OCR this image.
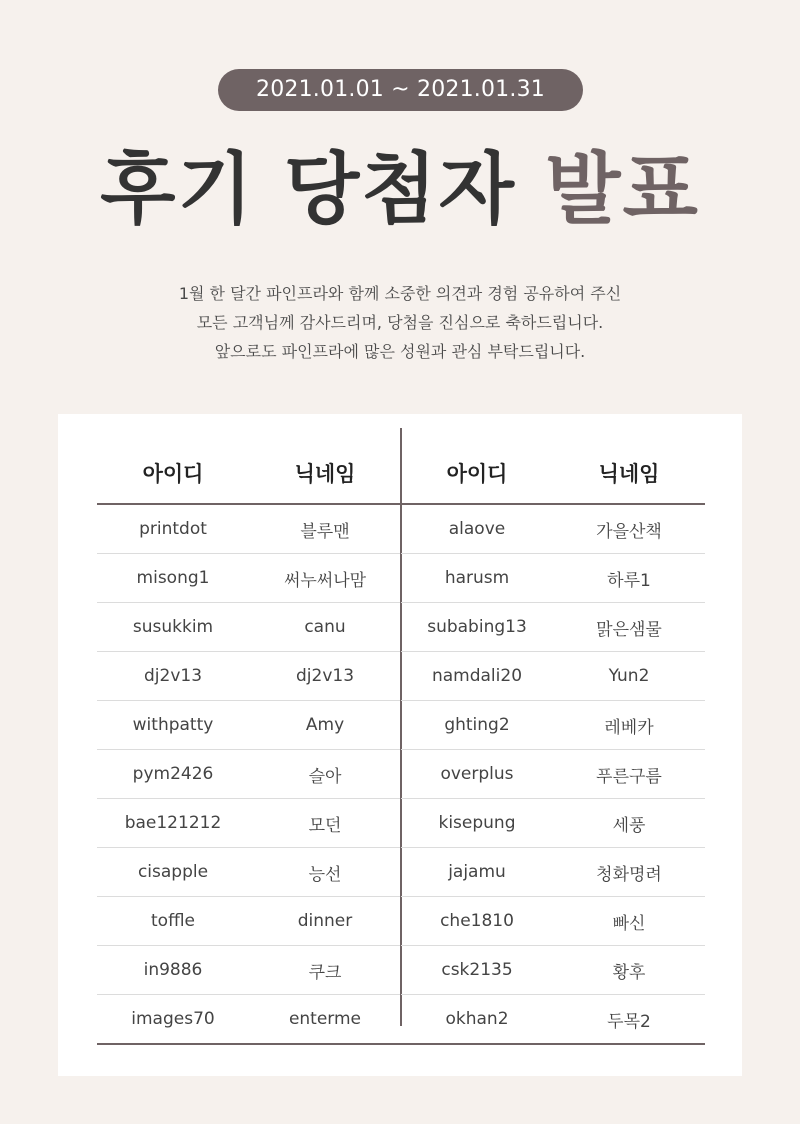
2021.01.01 ~ 2021.01.31
후기 당첨자 발표
1월 한 달간 파인프라와 함께 소중한 의견과 경험 공유하여 주신
모든 고객님께 감사드리며, 당첨을 진심으로 축하드립니다.
앞으로도 파인프라에 많은 성원과 관심 부탁드립니다.
아이디	닉네임
printdot	블루맨
misong1	써누써나맘
susukkim	canu
dj2v13	dj2v13
withpatty	Amy
pym2426	슬아
bae121212	모던
cisapple	능선
toffle	dinner
in9886	쿠크
images70	enterme
아이디	닉네임
alaove	가을산책
harusm	하루1
subabing13	맑은샘물
namdali20	Yun2
ghting2	레베카
overplus	푸른구름
kisepung	세풍
jajamu	청화명려
che1810	빠신
csk2135	황후
okhan2	두목2
